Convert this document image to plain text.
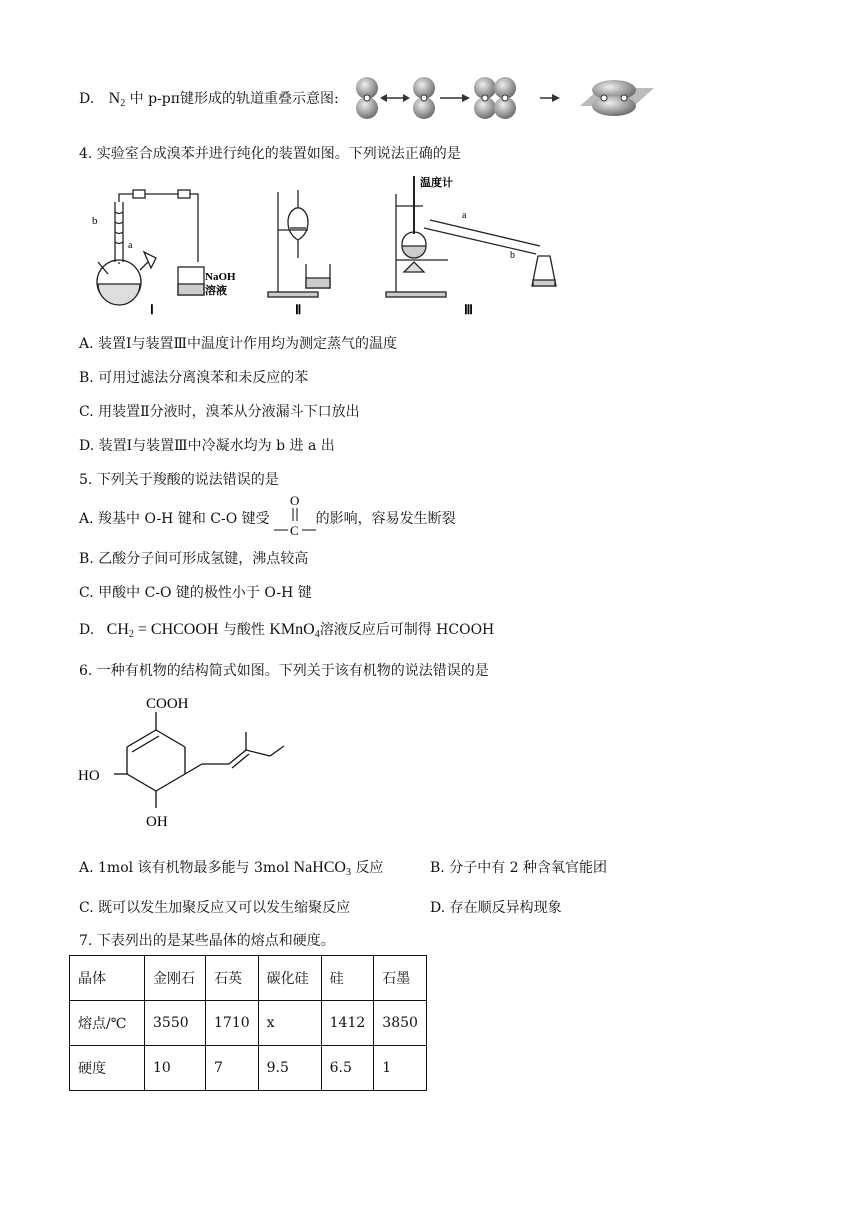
D. $N_2$ 中 p-pπ键形成的轨道重叠示意图:
4. 实验室合成溴苯并进行纯化的装置如图。下列说法正确的是
b
a
NaOH
溶液
Ⅰ	Ⅱ
温度计
a
b
Ⅲ
A. 装置Ⅰ与装置Ⅲ中温度计作用均为测定蒸气的温度
B. 可用过滤法分离溴苯和未反应的苯
C. 用装置Ⅱ分液时，溴苯从分液漏斗下口放出
D. 装置Ⅰ与装置Ⅲ中冷凝水均为 b 进 a 出
5. 下列关于羧酸的说法错误的是
A. 羧基中 O-H 键和 C-O 键受	的影响，容易发生断裂
O
C
B. 乙酸分子间可形成氢键，沸点较高
C. 甲酸中 C-O 键的极性小于 O-H 键
D. $CH_2$ = CHCOOH 与酸性 KMnO$_4$溶液反应后可制得 HCOOH
6. 一种有机物的结构简式如图。下列关于该有机物的说法错误的是
COOH
HO
OH
A. 1mol 该有机物最多能与 3mol NaHCO$_3$ 反应	B. 分子中有 2 种含氧官能团
C. 既可以发生加聚反应又可以发生缩聚反应	D. 存在顺反异构现象
7. 下表列出的是某些晶体的熔点和硬度。
晶体	金刚石	石英	碳化硅	硅	石墨
熔点/℃	3550	1710	x	1412	3850
硬度	10	7	9.5	6.5	1
